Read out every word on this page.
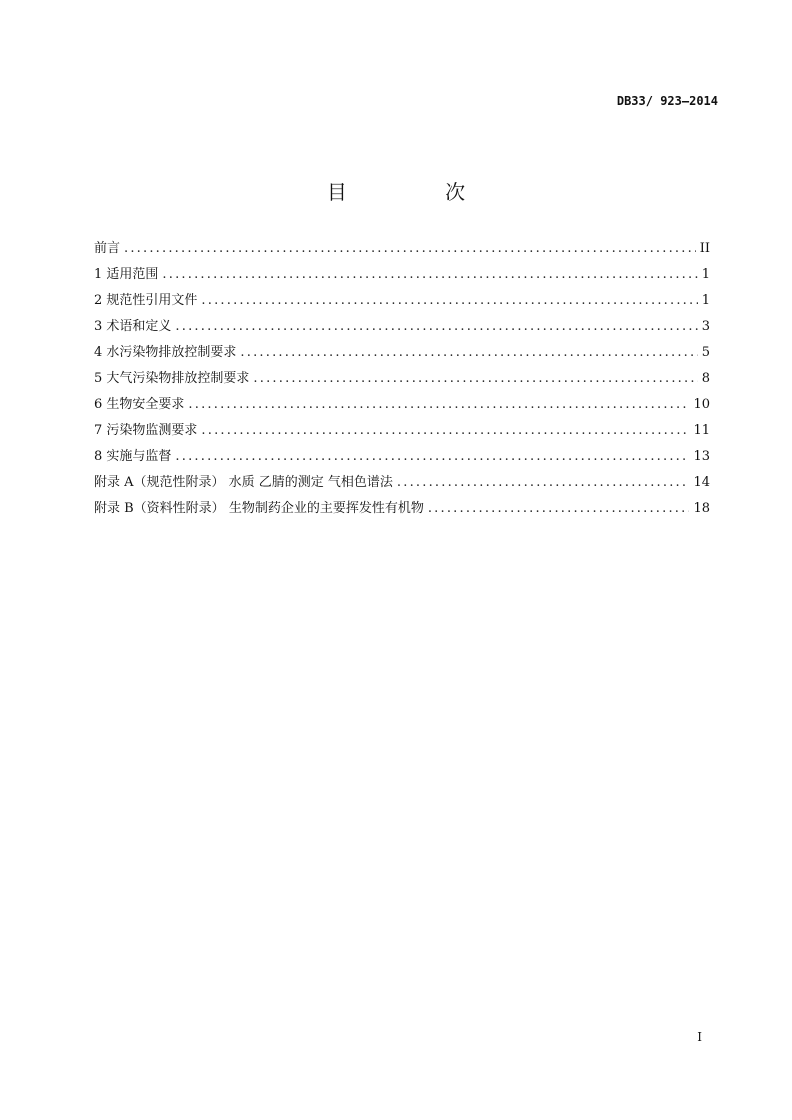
DB33/ 923—2014
目 次
前言 .....	II
1 适用范围 .....	1
2 规范性引用文件 .....	1
3 术语和定义 .....	3
4 水污染物排放控制要求 .....	5
5 大气污染物排放控制要求 .....	8
6 生物安全要求 .....	10
7 污染物监测要求 .....	11
8 实施与监督 .....	13
附录 A（规范性附录） 水质 乙腈的测定 气相色谱法 .....	14
附录 B（资料性附录） 生物制药企业的主要挥发性有机物 .....	18
I
